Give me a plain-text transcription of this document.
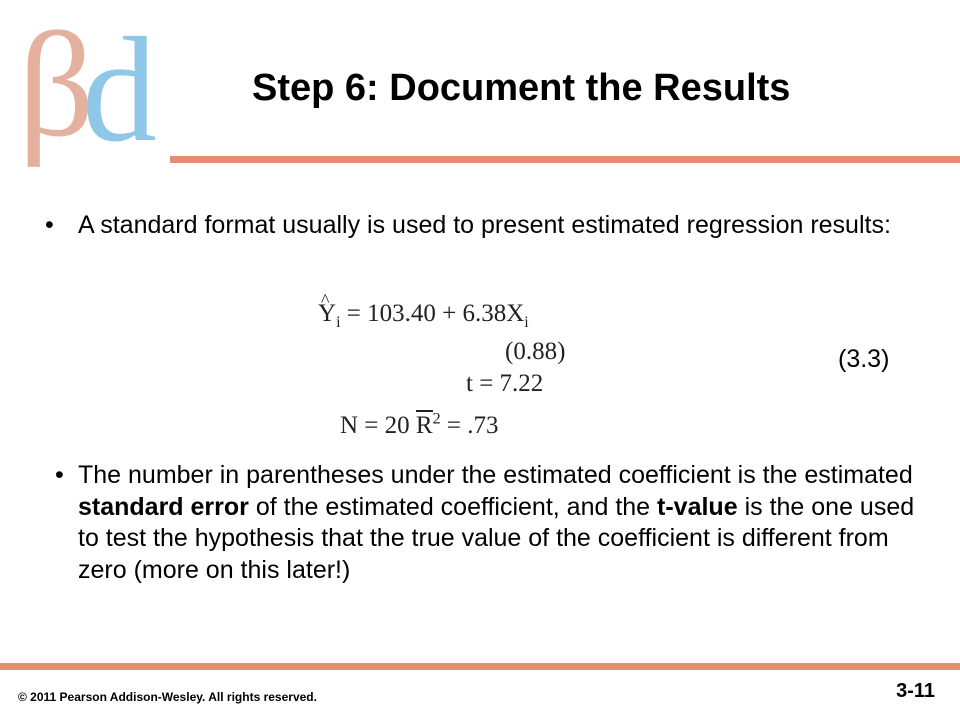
β d	Step 6: Document the Results
• A standard format usually is used to present estimated regression results:
^ $Y_i = 103.40 + 6.38X_i$
(0.88)
t = 7.22
N = 20 $R^2 = .73$
(3.3)
• The number in parentheses under the estimated coefficient is the estimated standard error of the estimated coefficient, and the t-value is the one used to test the hypothesis that the true value of the coefficient is different from zero (more on this later!)
© 2011 Pearson Addison-Wesley. All rights reserved.	3-11
